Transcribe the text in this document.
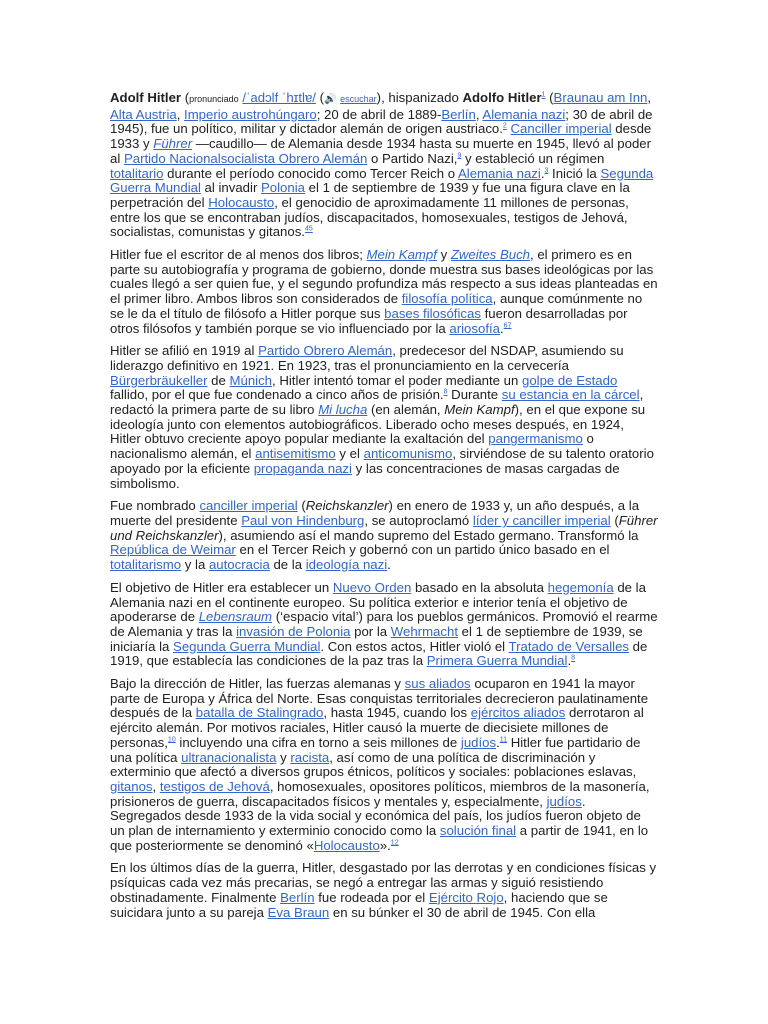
Adolf Hitler (pronunciado /ˈadɔlf ˈhɪtlɐ/ (🔊 escuchar), hispanizado Adolfo Hitler$^1$ (Braunau am Inn, Alta Austria, Imperio austrohúngaro; 20 de abril de 1889-Berlín, Alemania nazi; 30 de abril de 1945), fue un político, militar y dictador alemán de origen austriaco.$^2$ Canciller imperial desde 1933 y Führer —caudillo— de Alemania desde 1934 hasta su muerte en 1945, llevó al poder al Partido Nacionalsocialista Obrero Alemán o Partido Nazi,$^9$ y estableció un régimen totalitario durante el período conocido como Tercer Reich o Alemania nazi.$^3$ Inició la Segunda Guerra Mundial al invadir Polonia el 1 de septiembre de 1939 y fue una figura clave en la perpetración del Holocausto, el genocidio de aproximadamente 11 millones de personas, entre los que se encontraban judíos, discapacitados, homosexuales, testigos de Jehová, socialistas, comunistas y gitanos.$^{45}$

Hitler fue el escritor de al menos dos libros; Mein Kampf y Zweites Buch, el primero es en parte su autobiografía y programa de gobierno, donde muestra sus bases ideológicas por las cuales llegó a ser quien fue, y el segundo profundiza más respecto a sus ideas planteadas en el primer libro. Ambos libros son considerados de filosofía política, aunque comúnmente no se le da el título de filósofo a Hitler porque sus bases filosóficas fueron desarrolladas por otros filósofos y también porque se vio influenciado por la ariosofía.$^{67}$

Hitler se afilió en 1919 al Partido Obrero Alemán, predecesor del NSDAP, asumiendo su liderazgo definitivo en 1921. En 1923, tras el pronunciamiento en la cervecería Bürgerbräukeller de Múnich, Hitler intentó tomar el poder mediante un golpe de Estado fallido, por el que fue condenado a cinco años de prisión.$^8$ Durante su estancia en la cárcel, redactó la primera parte de su libro Mi lucha (en alemán, Mein Kampf), en el que expone su ideología junto con elementos autobiográficos. Liberado ocho meses después, en 1924, Hitler obtuvo creciente apoyo popular mediante la exaltación del pangermanismo o nacionalismo alemán, el antisemitismo y el anticomunismo, sirviéndose de su talento oratorio apoyado por la eficiente propaganda nazi y las concentraciones de masas cargadas de simbolismo.

Fue nombrado canciller imperial (Reichskanzler) en enero de 1933 y, un año después, a la muerte del presidente Paul von Hindenburg, se autoproclamó líder y canciller imperial (Führer und Reichskanzler), asumiendo así el mando supremo del Estado germano. Transformó la República de Weimar en el Tercer Reich y gobernó con un partido único basado en el totalitarismo y la autocracia de la ideología nazi.

El objetivo de Hitler era establecer un Nuevo Orden basado en la absoluta hegemonía de la Alemania nazi en el continente europeo. Su política exterior e interior tenía el objetivo de apoderarse de Lebensraum (‘espacio vital’) para los pueblos germánicos. Promovió el rearme de Alemania y tras la invasión de Polonia por la Wehrmacht el 1 de septiembre de 1939, se iniciaría la Segunda Guerra Mundial. Con estos actos, Hitler violó el Tratado de Versalles de 1919, que establecía las condiciones de la paz tras la Primera Guerra Mundial.$^8$

Bajo la dirección de Hitler, las fuerzas alemanas y sus aliados ocuparon en 1941 la mayor parte de Europa y África del Norte. Esas conquistas territoriales decrecieron paulatinamente después de la batalla de Stalingrado, hasta 1945, cuando los ejércitos aliados derrotaron al ejército alemán. Por motivos raciales, Hitler causó la muerte de diecisiete millones de personas,$^{10}$ incluyendo una cifra en torno a seis millones de judíos.$^{11}$ Hitler fue partidario de una política ultranacionalista y racista, así como de una política de discriminación y exterminio que afectó a diversos grupos étnicos, políticos y sociales: poblaciones eslavas, gitanos, testigos de Jehová, homosexuales, opositores políticos, miembros de la masonería, prisioneros de guerra, discapacitados físicos y mentales y, especialmente, judíos. Segregados desde 1933 de la vida social y económica del país, los judíos fueron objeto de un plan de internamiento y exterminio conocido como la solución final a partir de 1941, en lo que posteriormente se denominó «Holocausto».$^{12}$

En los últimos días de la guerra, Hitler, desgastado por las derrotas y en condiciones físicas y psíquicas cada vez más precarias, se negó a entregar las armas y siguió resistiendo obstinadamente. Finalmente Berlín fue rodeada por el Ejército Rojo, haciendo que se suicidara junto a su pareja Eva Braun en su búnker el 30 de abril de 1945. Con ella
